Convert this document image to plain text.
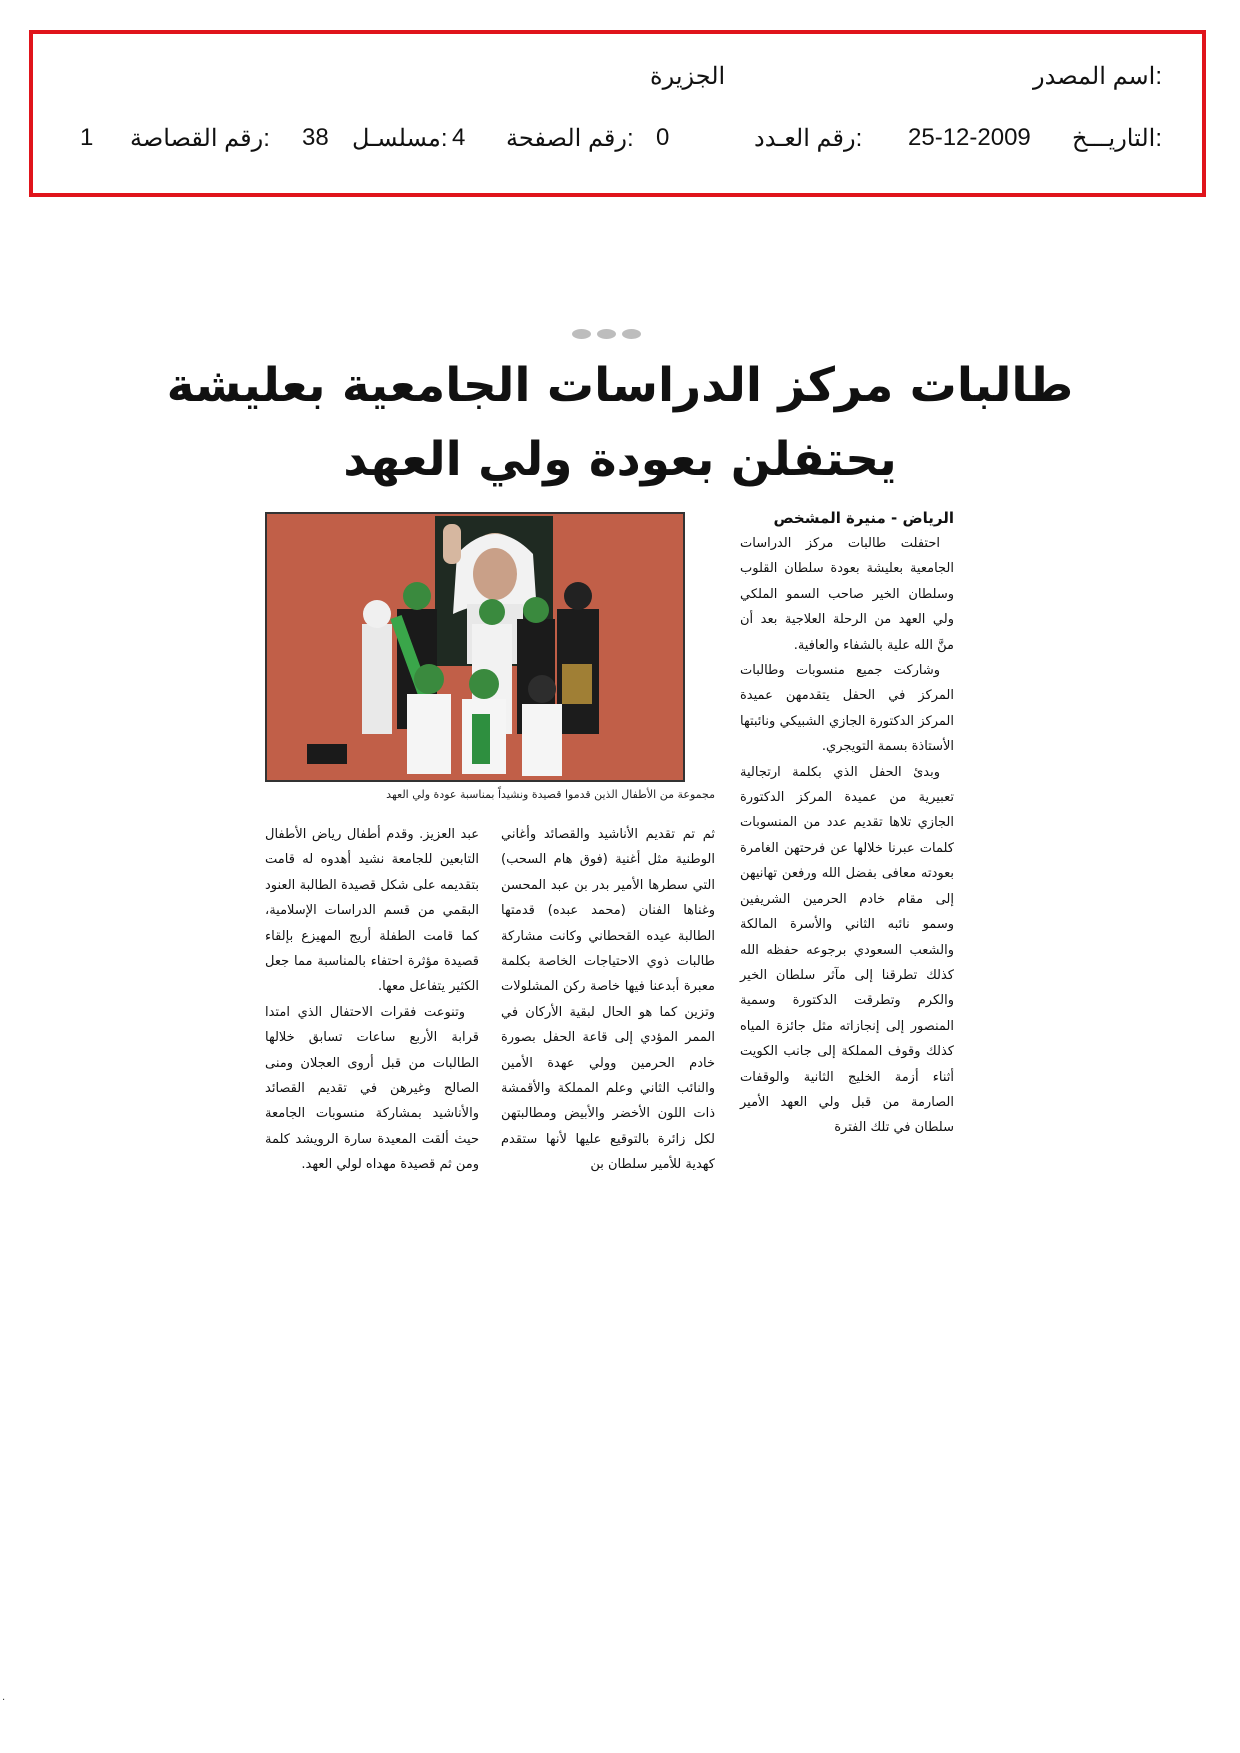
اسم المصدر:
الجزيرة
التاريـــخ:
25-12-2009
رقم العـدد:
0
رقم الصفحة:
4
مسلسـل:
38
رقم القصاصة:
1
طالبات مركز الدراسات الجامعية بعليشة
يحتفلن بعودة ولي العهد
مجموعة من الأطفال الذين قدموا قصيدة ونشيداً بمناسبة عودة ولي العهد

الرياض - منيرة المشخص

احتفلت طالبات مركز الدراسات الجامعية بعليشة بعودة سلطان القلوب وسلطان الخير صاحب السمو الملكي ولي العهد من الرحلة العلاجية بعد أن منَّ الله علية بالشفاء والعافية.

وشاركت جميع منسوبات وطالبات المركز في الحفل يتقدمهن عميدة المركز الدكتورة الجازي الشبيكي ونائبتها الأستاذة بسمة التويجري.

وبدئ الحفل الذي بكلمة ارتجالية تعبيرية من عميدة المركز الدكتورة الجازي تلاها تقديم عدد من المنسوبات كلمات عبرنا خلالها عن فرحتهن الغامرة بعودته معافى بفضل الله ورفعن تهانيهن إلى مقام خادم الحرمين الشريفين وسمو نائبه الثاني والأسرة المالكة والشعب السعودي برجوعه حفظه الله كذلك تطرقنا إلى مآثر سلطان الخير والكرم وتطرقت الدكتورة وسمية المنصور إلى إنجازاته مثل جائزة المياه كذلك وقوف المملكة إلى جانب الكويت أثناء أزمة الخليج الثانية والوقفات الصارمة من قبل ولي العهد الأمير سلطان في تلك الفترة

ثم تم تقديم الأناشيد والقصائد وأغاني الوطنية مثل أغنية (فوق هام السحب) التي سطرها الأمير بدر بن عبد المحسن وغناها الفنان (محمد عبده) قدمتها الطالبة عيده القحطاني وكانت مشاركة طالبات ذوي الاحتياجات الخاصة بكلمة معبرة أبدعنا فيها خاصة ركن المشلولات وتزين كما هو الحال لبقية الأركان في الممر المؤدي إلى قاعة الحفل بصورة خادم الحرمين وولي عهدة الأمين والنائب الثاني وعلم المملكة والأقمشة ذات اللون الأخضر والأبيض ومطالبتهن لكل زائرة بالتوقيع عليها لأنها ستقدم كهدية للأمير سلطان بن

عبد العزيز. وقدم أطفال رياض الأطفال التابعين للجامعة نشيد أهدوه له قامت بتقديمه على شكل قصيدة الطالبة العنود البقمي من قسم الدراسات الإسلامية، كما قامت الطفلة أريج المهيزع بإلقاء قصيدة مؤثرة احتفاء بالمناسبة مما جعل الكثير يتفاعل معها.

وتنوعت فقرات الاحتفال الذي امتدا قرابة الأربع ساعات تسابق خلالها الطالبات من قبل أروى العجلان ومنى الصالح وغيرهن في تقديم القصائد والأناشيد بمشاركة منسوبات الجامعة حيث ألقت المعيدة سارة الرويشد كلمة ومن ثم قصيدة مهداه لولي العهد.

.
